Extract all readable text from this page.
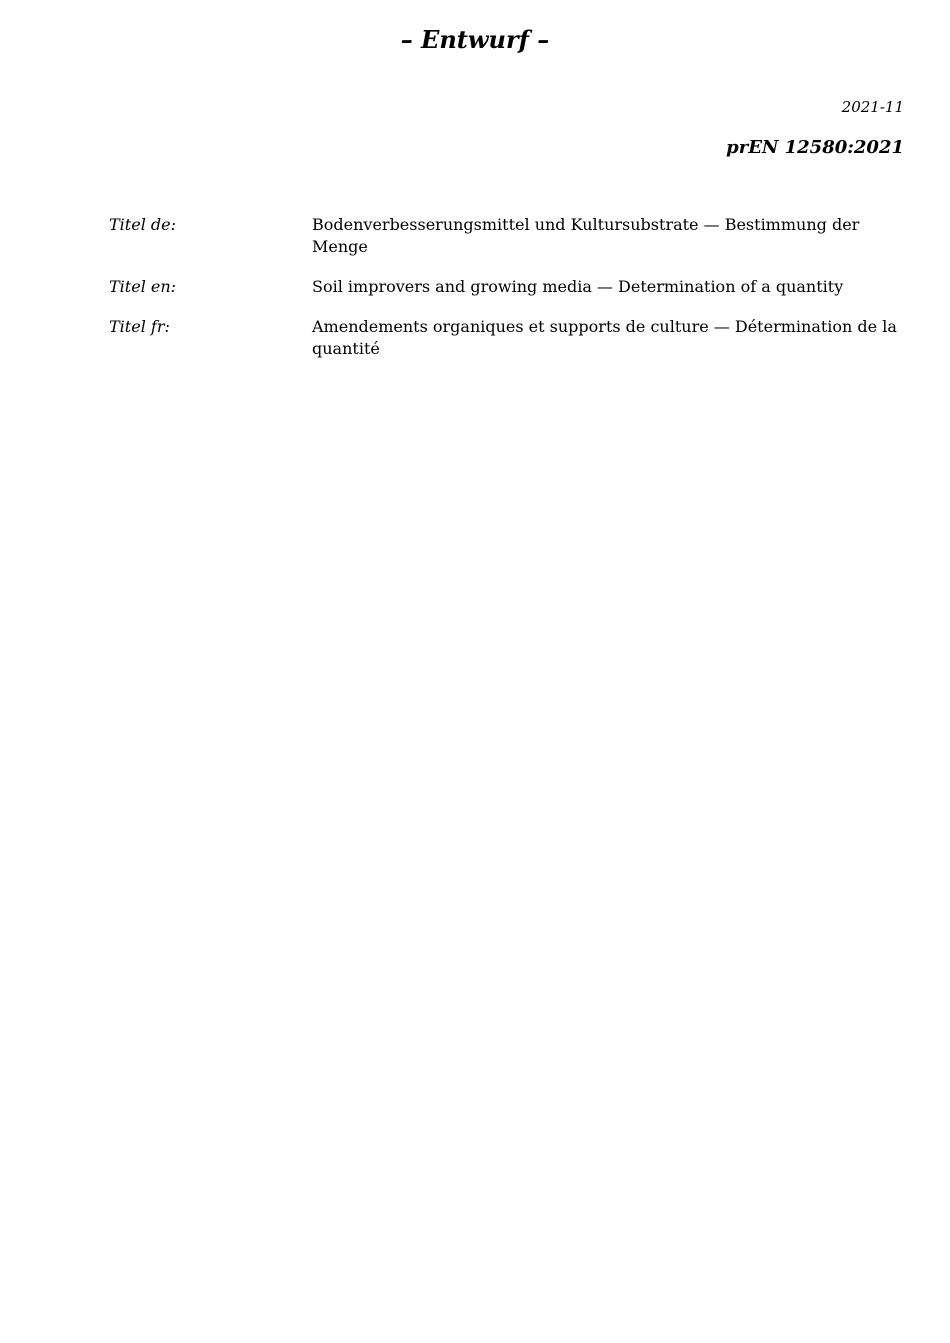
– Entwurf –
2021-11
prEN 12580:2021
Titel de:	Bodenverbesserungsmittel und Kultursubstrate — Bestimmung der Menge
Titel en:	Soil improvers and growing media — Determination of a quantity
Titel fr:	Amendements organiques et supports de culture — Détermination de la quantité
